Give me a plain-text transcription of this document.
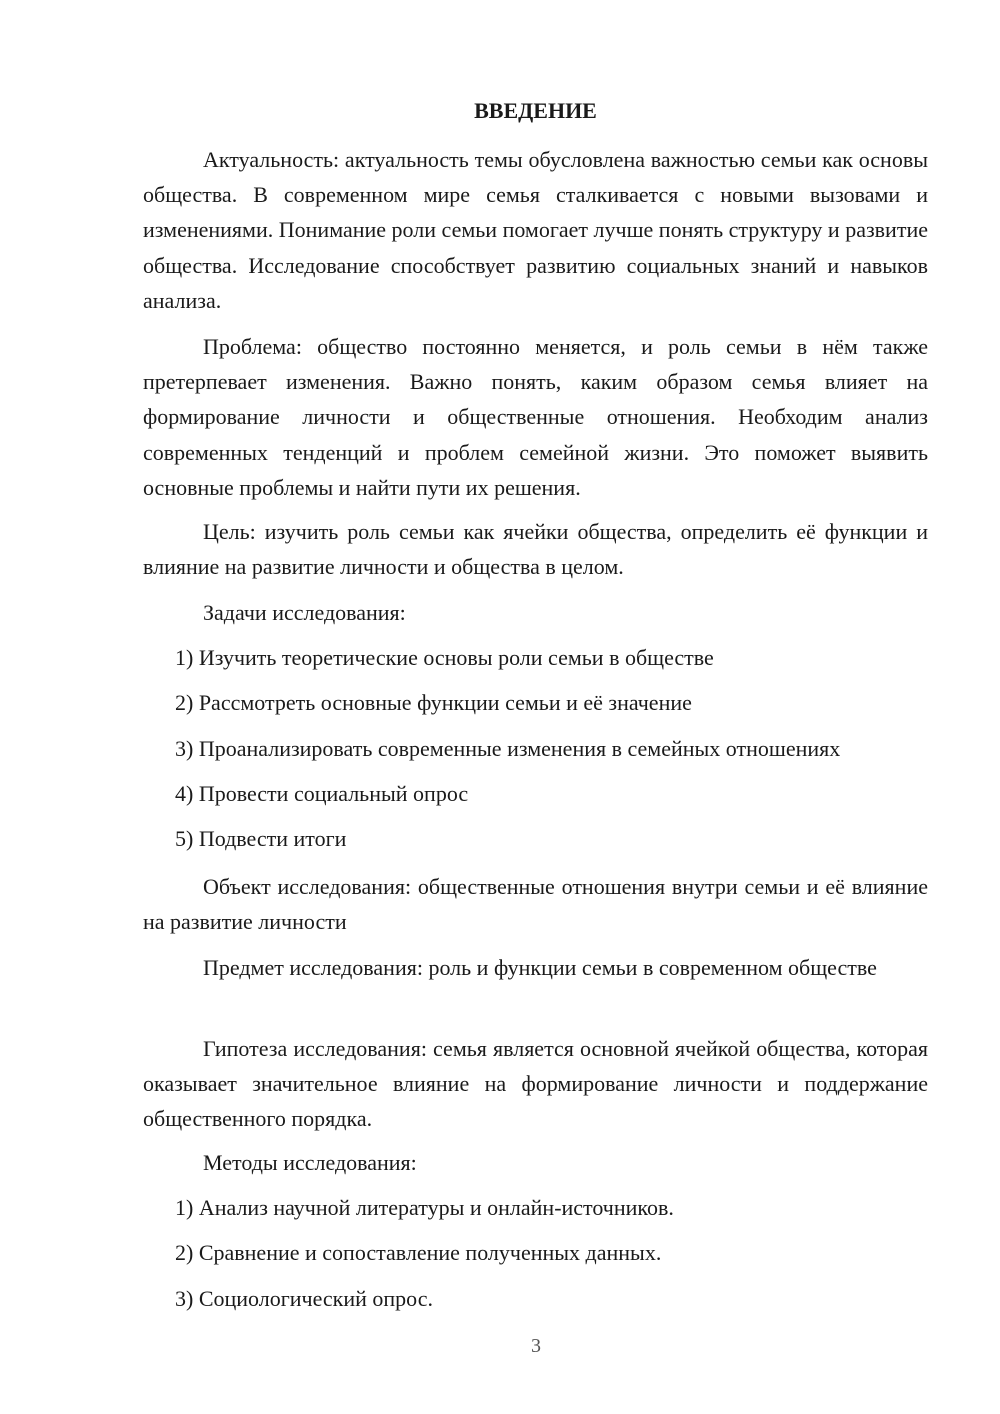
ВВЕДЕНИЕ

Актуальность: актуальность темы обусловлена важностью семьи как основы общества. В современном мире семья сталкивается с новыми вызовами и изменениями. Понимание роли семьи помогает лучше понять структуру и развитие общества. Исследование способствует развитию социальных знаний и навыков анализа.

Проблема: общество постоянно меняется, и роль семьи в нём также претерпевает изменения. Важно понять, каким образом семья влияет на формирование личности и общественные отношения. Необходим анализ современных тенденций и проблем семейной жизни. Это поможет выявить основные проблемы и найти пути их решения.

Цель: изучить роль семьи как ячейки общества, определить её функции и влияние на развитие личности и общества в целом.

Задачи исследования:
1) Изучить теоретические основы роли семьи в обществе
2) Рассмотреть основные функции семьи и её значение
3) Проанализировать современные изменения в семейных отношениях
4) Провести социальный опрос
5) Подвести итоги

Объект исследования: общественные отношения внутри семьи и её влияние на развитие личности

Предмет исследования: роль и функции семьи в современном обществе

Гипотеза исследования: семья является основной ячейкой общества, которая оказывает значительное влияние на формирование личности и поддержание общественного порядка.

Методы исследования:
1) Анализ научной литературы и онлайн-источников.
2) Сравнение и сопоставление полученных данных.
3) Социологический опрос.
3
